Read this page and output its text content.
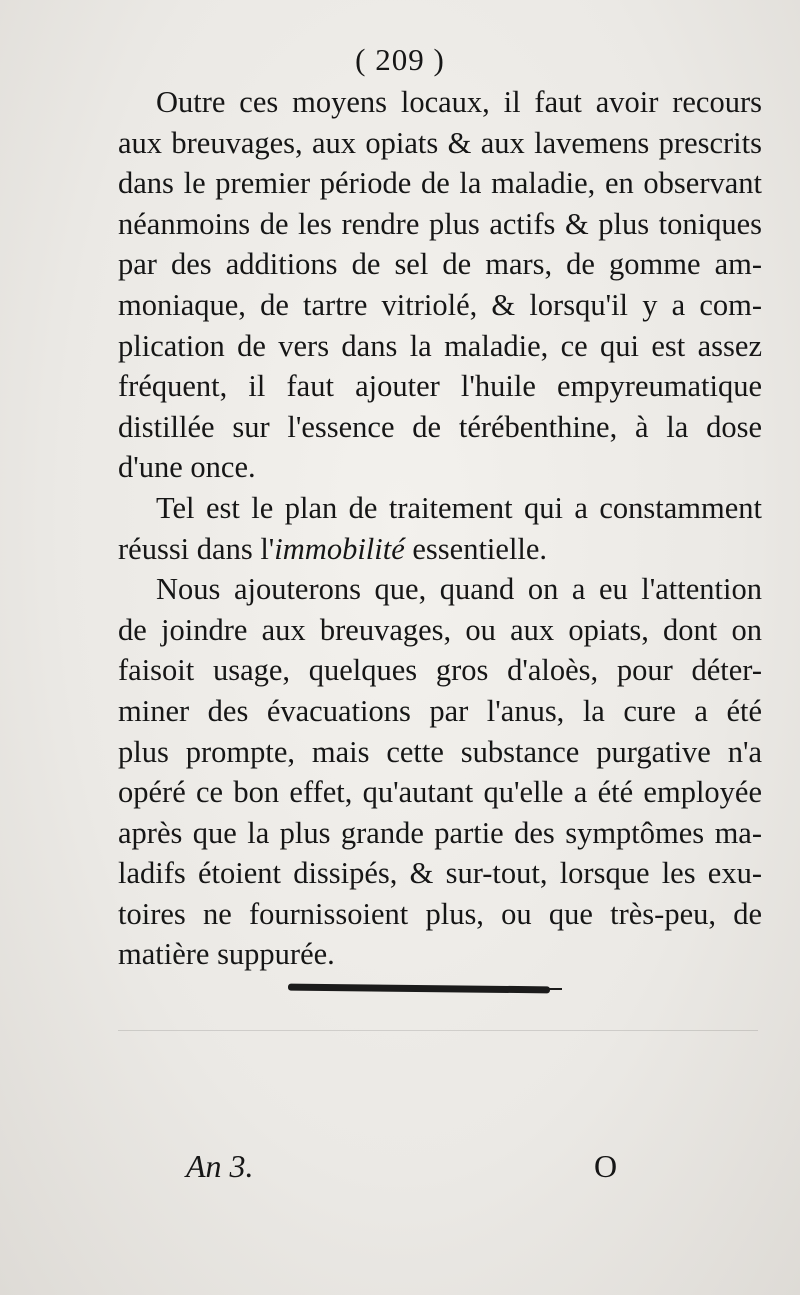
( 209 )
Outre ces moyens locaux, il faut avoir recours
aux breuvages, aux opiats & aux lavemens prescrits
dans le premier période de la maladie, en observant
néanmoins de les rendre plus actifs & plus toniques
par des additions de sel de mars, de gomme am-
moniaque, de tartre vitriolé, & lorsqu'il y a com-
plication de vers dans la maladie, ce qui est assez
fréquent, il faut ajouter l'huile empyreumatique
distillée sur l'essence de térébenthine, à la dose
d'une once.
Tel est le plan de traitement qui a constamment
réussi dans l'immobilité essentielle.
Nous ajouterons que, quand on a eu l'attention
de joindre aux breuvages, ou aux opiats, dont on
faisoit usage, quelques gros d'aloès, pour déter-
miner des évacuations par l'anus, la cure a été
plus prompte, mais cette substance purgative n'a
opéré ce bon effet, qu'autant qu'elle a été employée
après que la plus grande partie des symptômes ma-
ladifs étoient dissipés, & sur-tout, lorsque les exu-
toires ne fournissoient plus, ou que très-peu, de
matière suppurée.
An 3.	O
